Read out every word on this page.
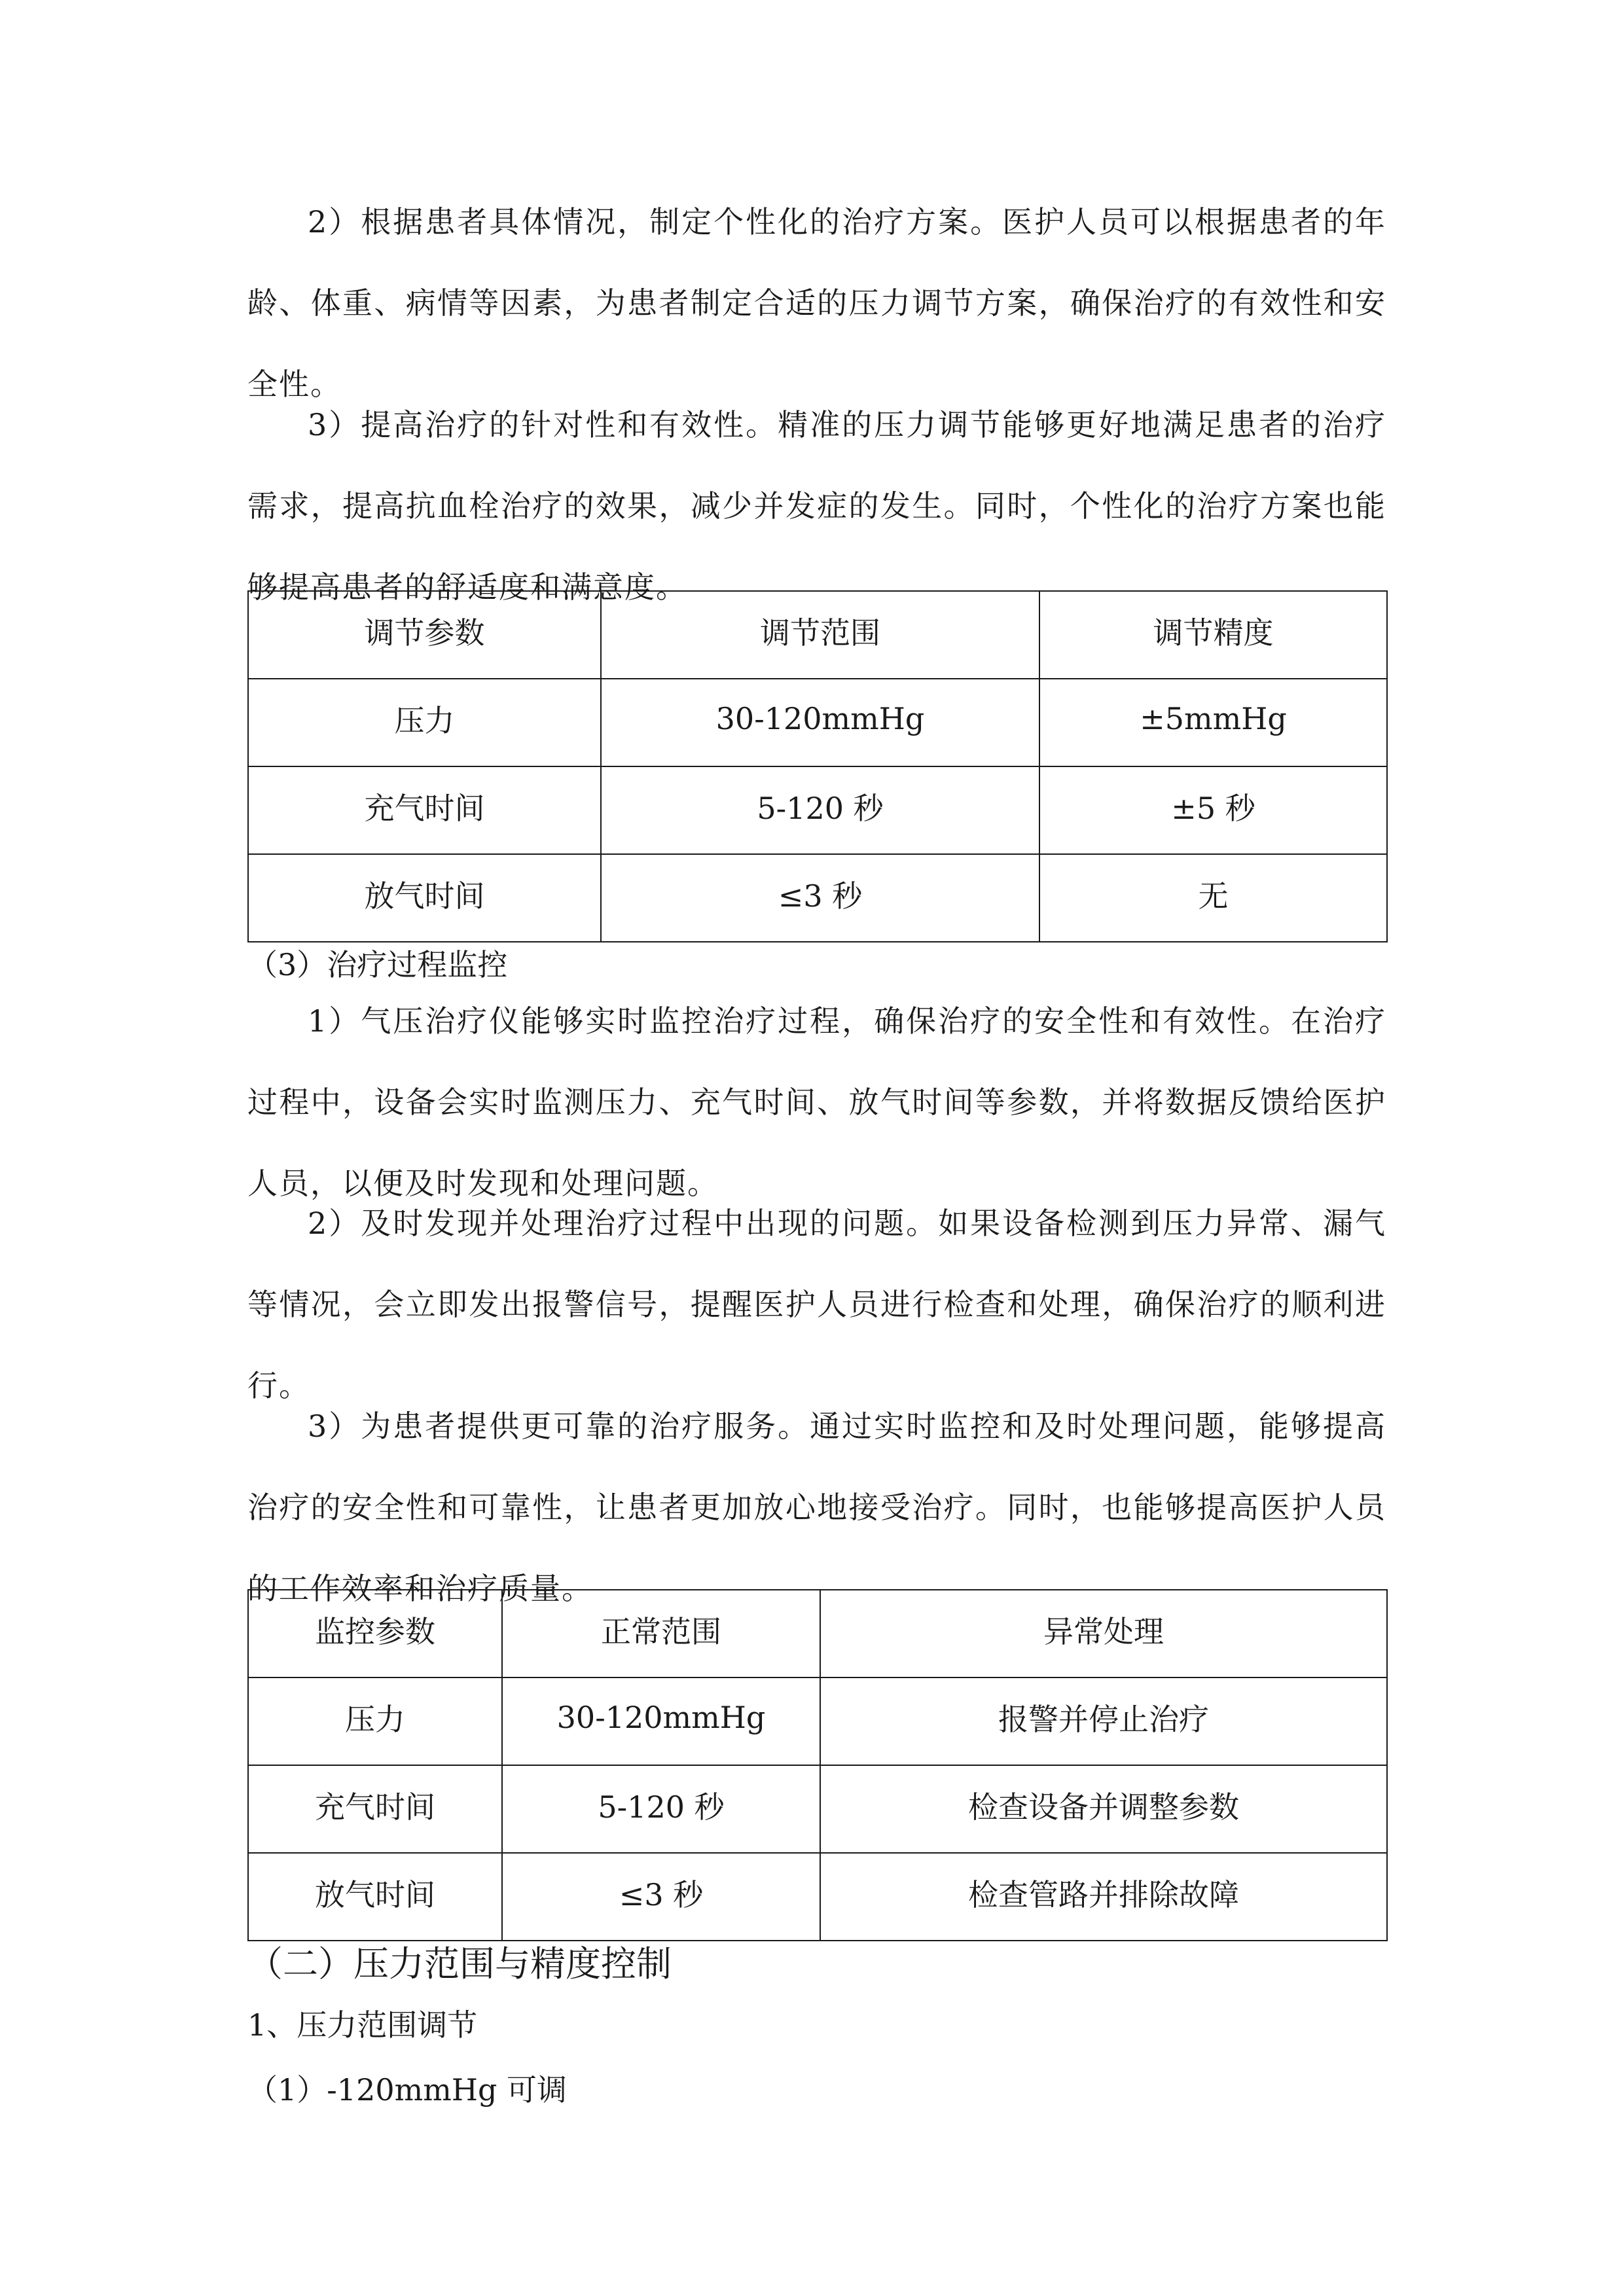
2）根据患者具体情况，制定个性化的治疗方案。医护人员可以根据患者的年龄、体重、病情等因素，为患者制定合适的压力调节方案，确保治疗的有效性和安全性。

3）提高治疗的针对性和有效性。精准的压力调节能够更好地满足患者的治疗需求，提高抗血栓治疗的效果，减少并发症的发生。同时，个性化的治疗方案也能够提高患者的舒适度和满意度。

调节参数	调节范围	调节精度
压力	30-120mmHg	±5mmHg
充气时间	5-120 秒	±5 秒
放气时间	≤3 秒	无

（3）治疗过程监控

1）气压治疗仪能够实时监控治疗过程，确保治疗的安全性和有效性。在治疗过程中，设备会实时监测压力、充气时间、放气时间等参数，并将数据反馈给医护人员，以便及时发现和处理问题。

2）及时发现并处理治疗过程中出现的问题。如果设备检测到压力异常、漏气等情况，会立即发出报警信号，提醒医护人员进行检查和处理，确保治疗的顺利进行。

3）为患者提供更可靠的治疗服务。通过实时监控和及时处理问题，能够提高治疗的安全性和可靠性，让患者更加放心地接受治疗。同时，也能够提高医护人员的工作效率和治疗质量。

监控参数	正常范围	异常处理
压力	30-120mmHg	报警并停止治疗
充气时间	5-120 秒	检查设备并调整参数
放气时间	≤3 秒	检查管路并排除故障

（二）压力范围与精度控制

1、压力范围调节

（1）-120mmHg 可调
